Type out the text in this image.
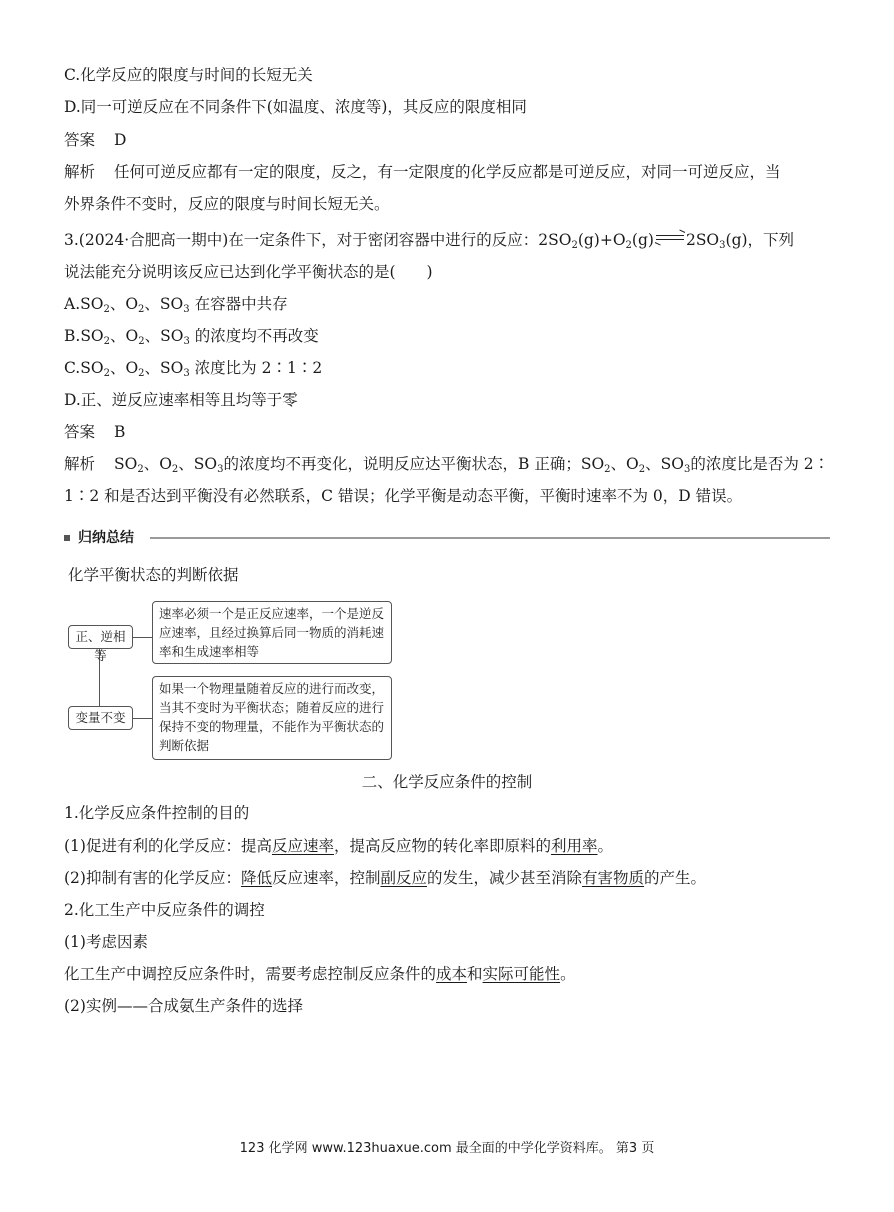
C.化学反应的限度与时间的长短无关
D.同一可逆反应在不同条件下(如温度、浓度等)，其反应的限度相同
答案 D
解析 任何可逆反应都有一定的限度，反之，有一定限度的化学反应都是可逆反应，对同一可逆反应，当
外界条件不变时，反应的限度与时间长短无关。
3.(2024·合肥高一期中)在一定条件下，对于密闭容器中进行的反应：$2SO_2(g)+O_2(g)$ $2SO_3(g)$，下列
说法能充分说明该反应已达到化学平衡状态的是(　　)
$A.SO_2$、$O_2$、$SO_3$ 在容器中共存
$B.SO_2$、$O_2$、$SO_3$ 的浓度均不再改变
$C.SO_2$、$O_2$、$SO_3$ 浓度比为 2∶1∶2
D.正、逆反应速率相等且均等于零
答案 B
解析 $SO_2$、$O_2$、$SO_3$的浓度均不再变化，说明反应达平衡状态，B 正确；$SO_2$、$O_2$、$SO_3$的浓度比是否为 2∶
1∶2 和是否达到平衡没有必然联系，C 错误；化学平衡是动态平衡，平衡时速率不为 0，D 错误。
归纳总结
化学平衡状态的判断依据
正、逆相等
速率必须一个是正反应速率，一个是逆反应速率，且经过换算后同一物质的消耗速率和生成速率相等
变量不变
如果一个物理量随着反应的进行而改变，当其不变时为平衡状态；随着反应的进行保持不变的物理量，不能作为平衡状态的判断依据
二、化学反应条件的控制
1.化学反应条件控制的目的
(1)促进有利的化学反应：提高反应速率，提高反应物的转化率即原料的利用率。
(2)抑制有害的化学反应：降低反应速率，控制副反应的发生，减少甚至消除有害物质的产生。
2.化工生产中反应条件的调控
(1)考虑因素
化工生产中调控反应条件时，需要考虑控制反应条件的成本和实际可能性。
(2)实例——合成氨生产条件的选择
123 化学网 www.123huaxue.com 最全面的中学化学资料库。 第3 页
